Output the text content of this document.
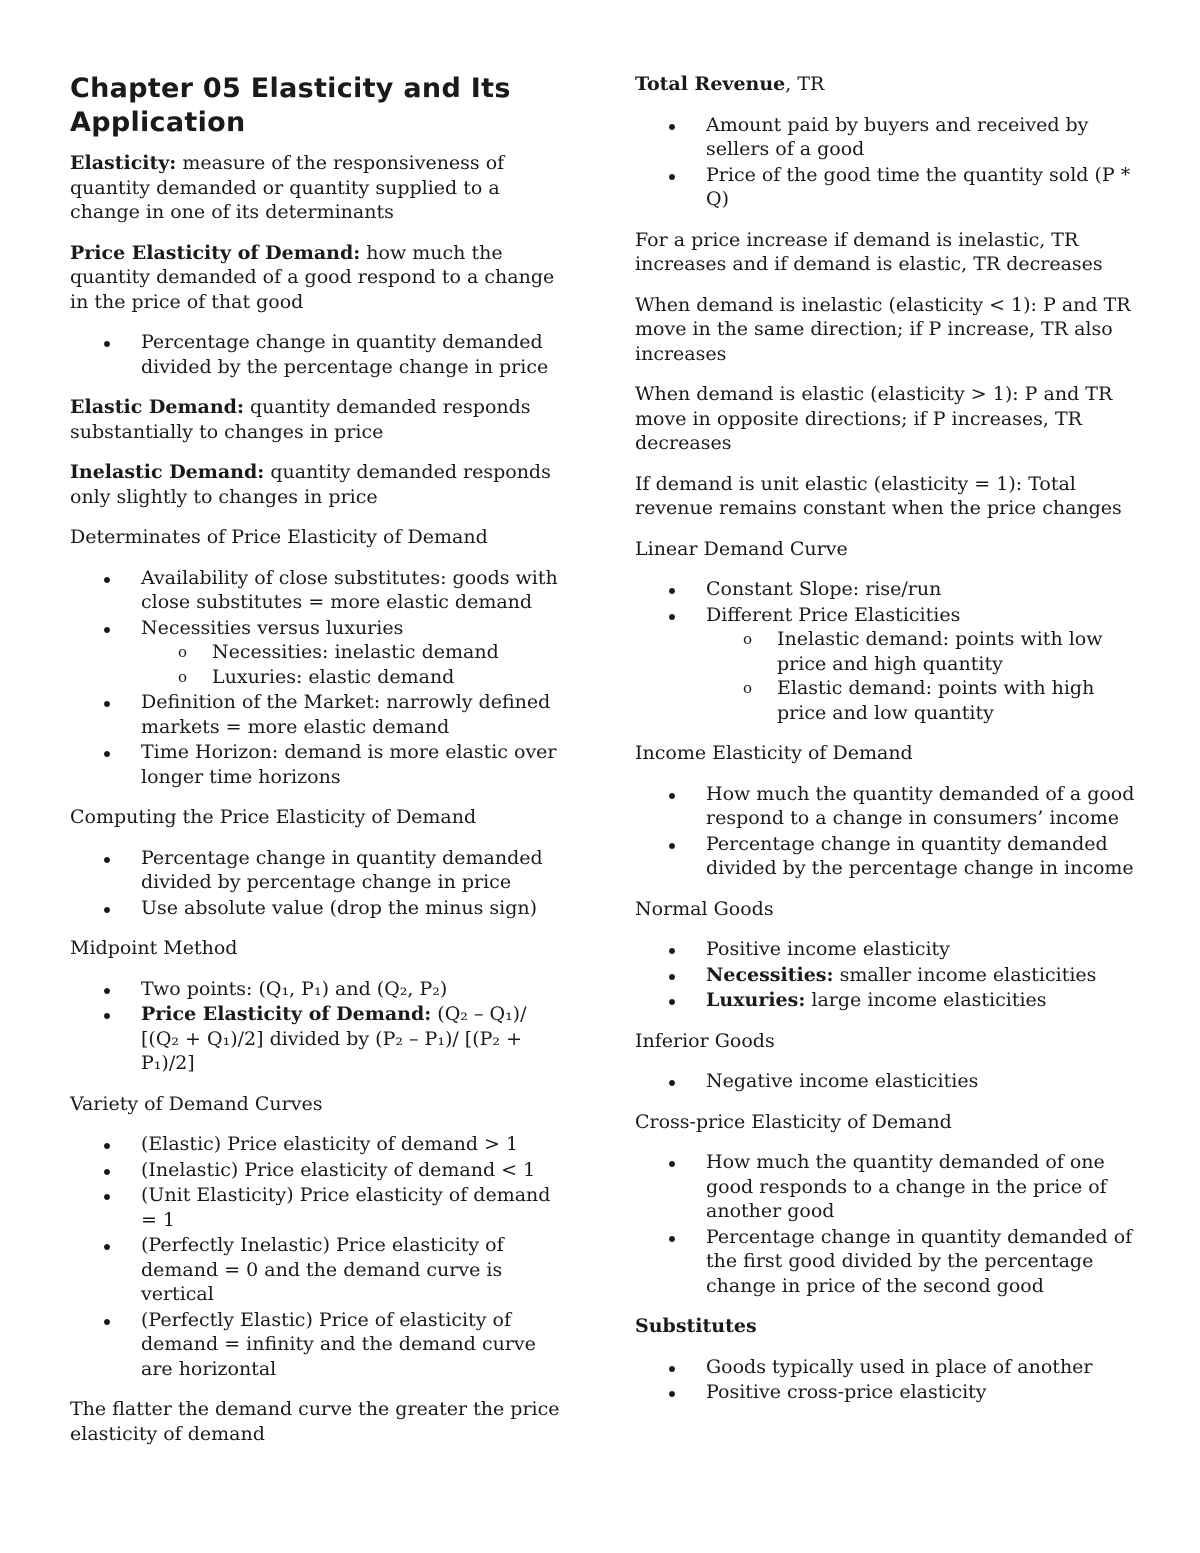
Chapter 05 Elasticity and Its Application

Elasticity: measure of the responsiveness of quantity demanded or quantity supplied to a change in one of its determinants

Price Elasticity of Demand: how much the quantity demanded of a good respond to a change in the price of that good

Percentage change in quantity demanded divided by the percentage change in price

Elastic Demand: quantity demanded responds substantially to changes in price

Inelastic Demand: quantity demanded responds only slightly to changes in price

Determinates of Price Elasticity of Demand
Availability of close substitutes: goods with close substitutes = more elastic demand
Necessities versus luxuries
o Necessities: inelastic demand
o Luxuries: elastic demand
Definition of the Market: narrowly defined markets = more elastic demand
Time Horizon: demand is more elastic over longer time horizons
Computing the Price Elasticity of Demand
Percentage change in quantity demanded divided by percentage change in price
Use absolute value (drop the minus sign)
Midpoint Method
Two points: (Q₁, P₁) and (Q₂, P₂)
Price Elasticity of Demand: (Q₂ – Q₁)/ [(Q₂ + Q₁)/2] divided by (P₂ – P₁)/ [(P₂ + P₁)/2]
Variety of Demand Curves
(Elastic) Price elasticity of demand > 1
(Inelastic) Price elasticity of demand < 1
(Unit Elasticity) Price elasticity of demand = 1
(Perfectly Inelastic) Price elasticity of demand = 0 and the demand curve is vertical
(Perfectly Elastic) Price of elasticity of demand = infinity and the demand curve are horizontal

The flatter the demand curve the greater the price elasticity of demand

Total Revenue, TR

Amount paid by buyers and received by sellers of a good
Price of the good time the quantity sold (P * Q)

For a price increase if demand is inelastic, TR increases and if demand is elastic, TR decreases

When demand is inelastic (elasticity < 1): P and TR move in the same direction; if P increase, TR also increases

When demand is elastic (elasticity > 1): P and TR move in opposite directions; if P increases, TR decreases

If demand is unit elastic (elasticity = 1): Total revenue remains constant when the price changes

Linear Demand Curve
Constant Slope: rise/run
Different Price Elasticities
o Inelastic demand: points with low price and high quantity
o Elastic demand: points with high price and low quantity
Income Elasticity of Demand
How much the quantity demanded of a good respond to a change in consumers’ income
Percentage change in quantity demanded divided by the percentage change in income
Normal Goods
Positive income elasticity
Necessities: smaller income elasticities
Luxuries: large income elasticities
Inferior Goods
Negative income elasticities
Cross-price Elasticity of Demand
How much the quantity demanded of one good responds to a change in the price of another good
Percentage change in quantity demanded of the first good divided by the percentage change in price of the second good
Substitutes
Goods typically used in place of another
Positive cross-price elasticity
